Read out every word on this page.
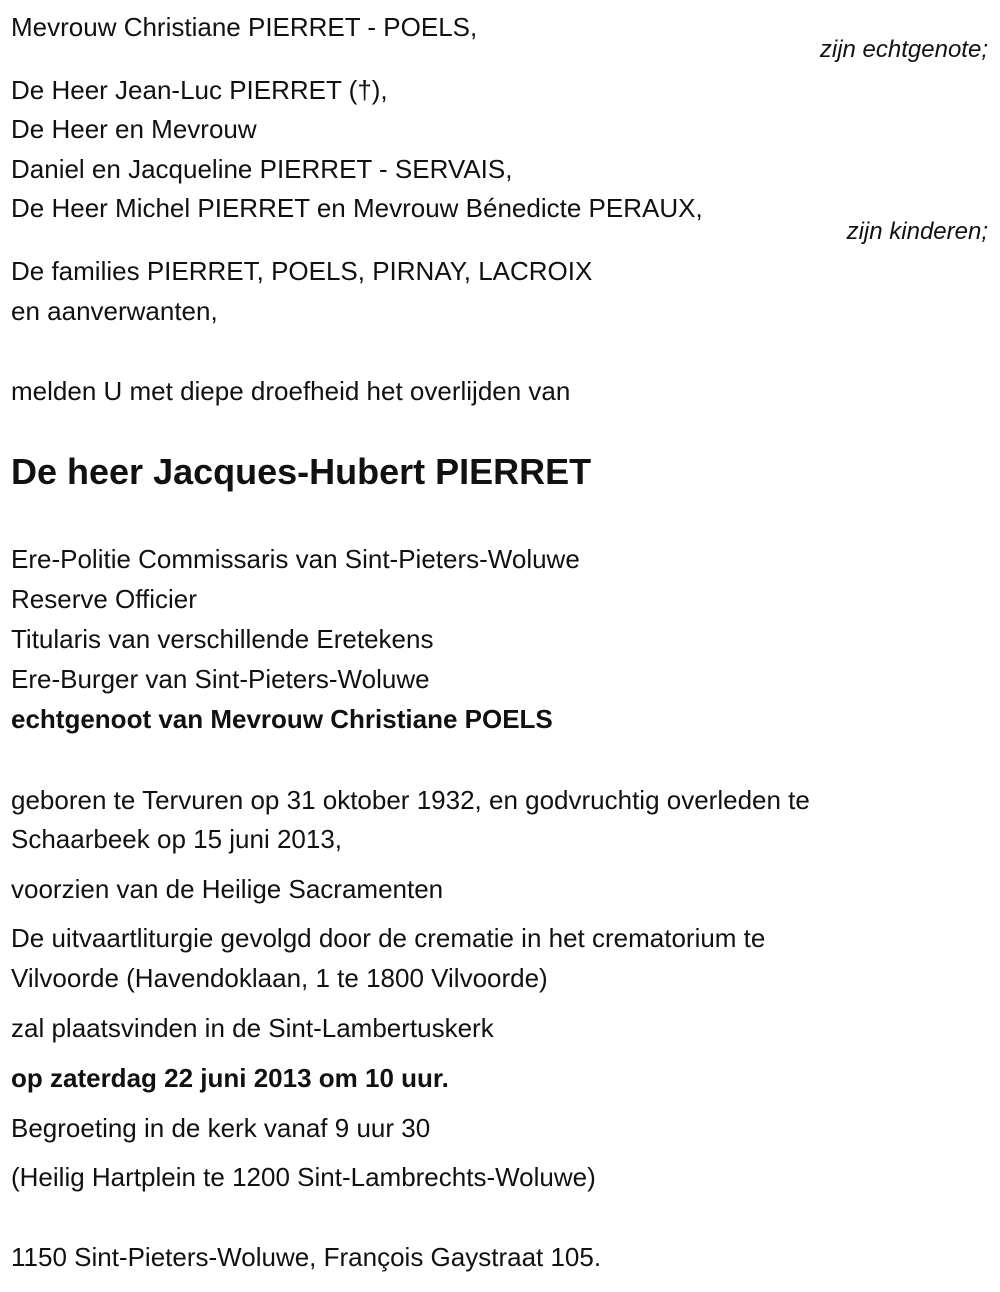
Mevrouw Christiane PIERRET - POELS,
zijn echtgenote;
De Heer Jean-Luc PIERRET (†),
De Heer en Mevrouw
Daniel en Jacqueline PIERRET - SERVAIS,
De Heer Michel PIERRET en Mevrouw Bénedicte PERAUX,
zijn kinderen;
De families PIERRET, POELS, PIRNAY, LACROIX
en aanverwanten,
melden U met diepe droefheid het overlijden van
De heer Jacques-Hubert PIERRET
Ere-Politie Commissaris van Sint-Pieters-Woluwe
Reserve Officier
Titularis van verschillende Eretekens
Ere-Burger van Sint-Pieters-Woluwe
echtgenoot van Mevrouw Christiane POELS
geboren te Tervuren op 31 oktober 1932, en godvruchtig overleden te
Schaarbeek op 15 juni 2013,
voorzien van de Heilige Sacramenten
De uitvaartliturgie gevolgd door de crematie in het crematorium te
Vilvoorde (Havendoklaan, 1 te 1800 Vilvoorde)
zal plaatsvinden in de Sint-Lambertuskerk
op zaterdag 22 juni 2013 om 10 uur.
Begroeting in de kerk vanaf 9 uur 30
(Heilig Hartplein te 1200 Sint-Lambrechts-Woluwe)
1150 Sint-Pieters-Woluwe, François Gaystraat 105.
